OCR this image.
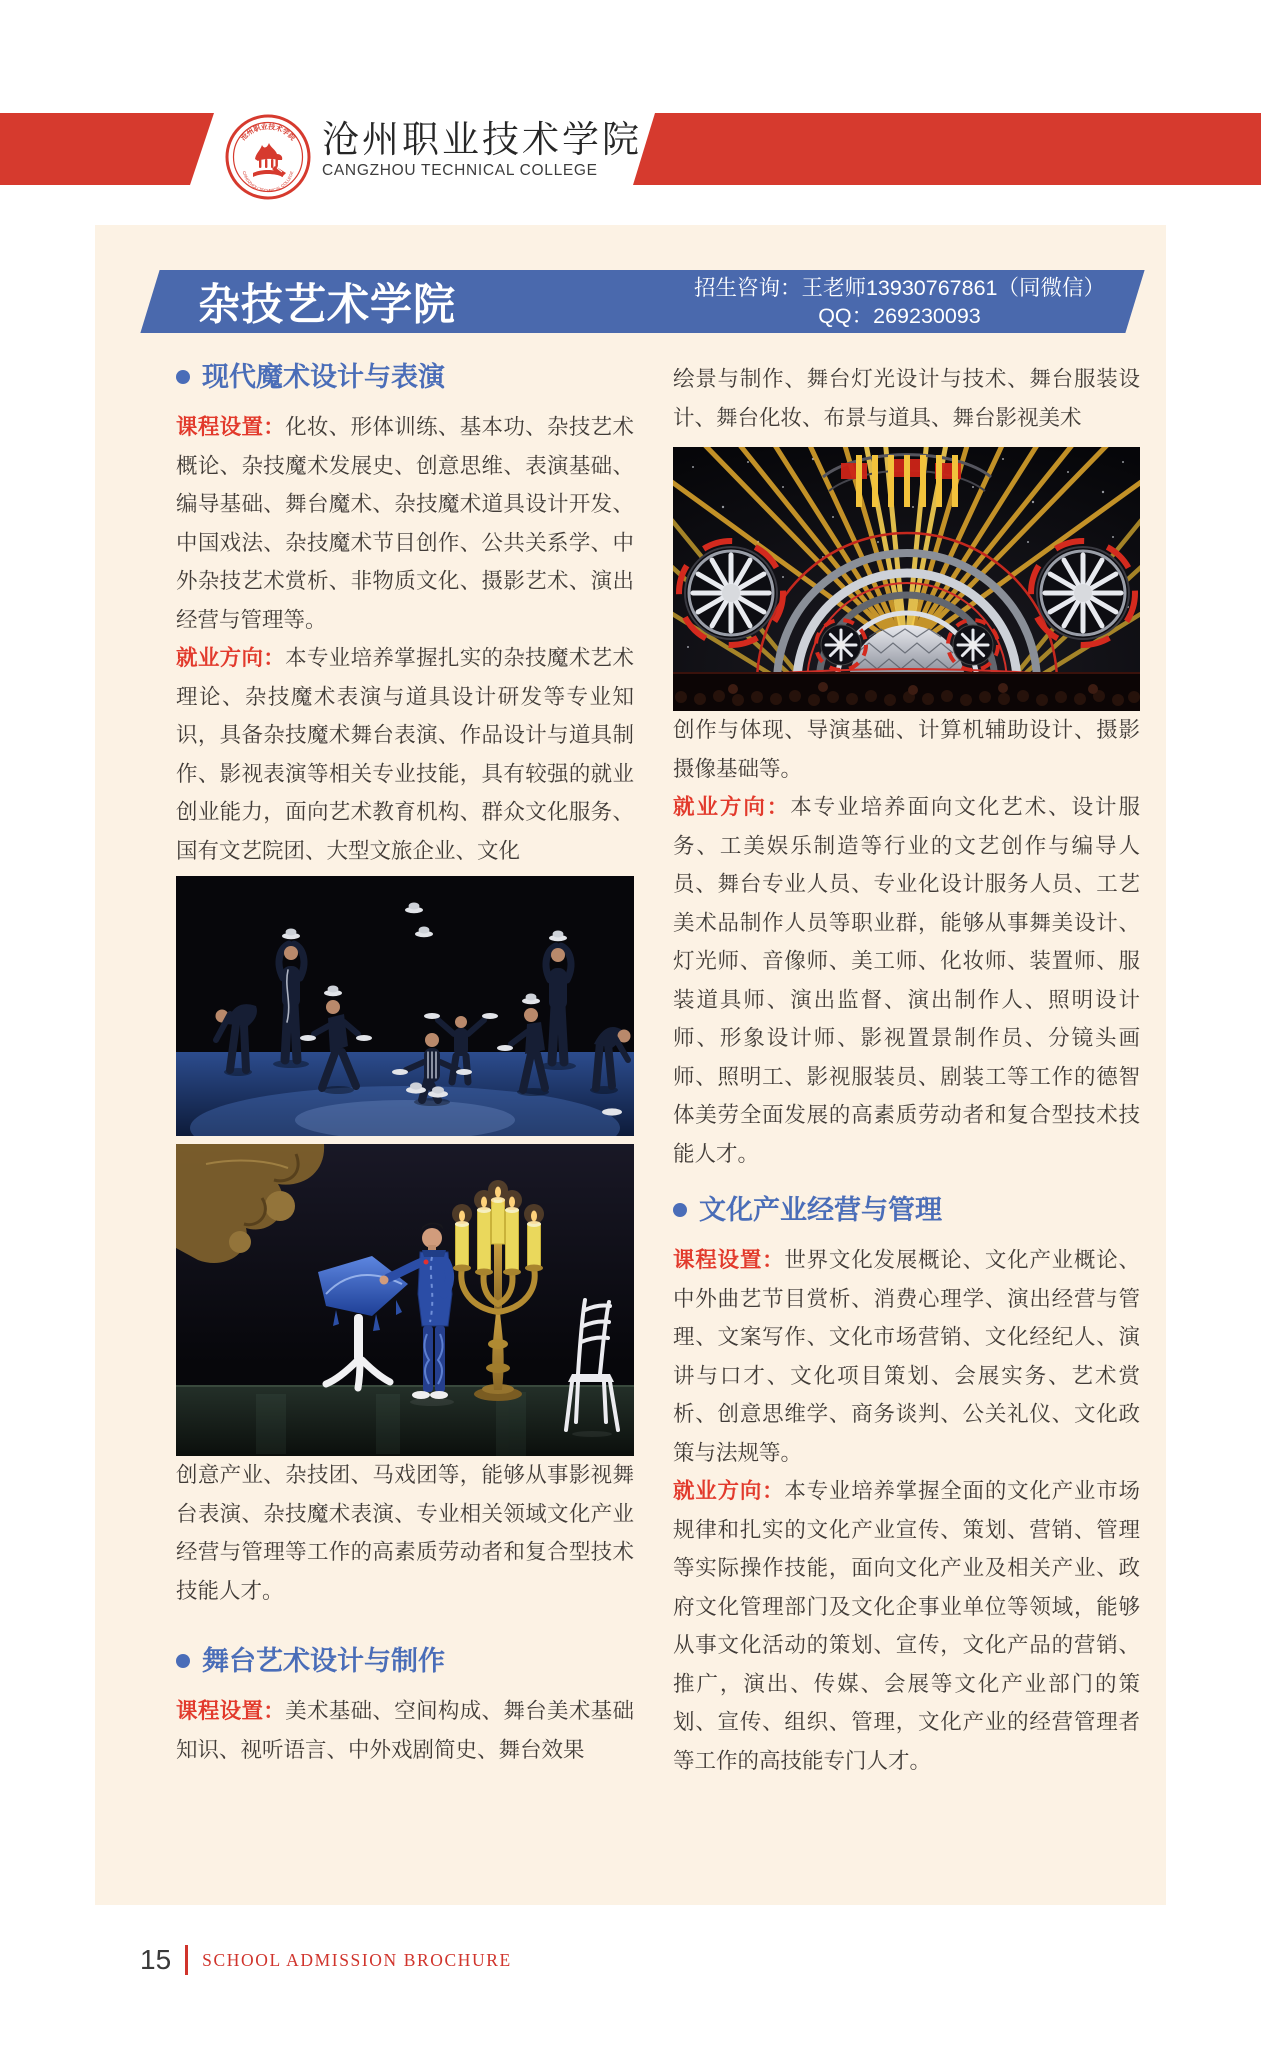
沧州职业技术学院
CANGZHOU TECHNICAL COLLEGE
沧州职业技术学院
CANGZHOU TECHNICAL COLLEGE
杂技艺术学院	招生咨询：王老师13930767861（同微信）
QQ：269230093
现代魔术设计与表演

课程设置：化妆、形体训练、基本功、杂技艺术概论、杂技魔术发展史、创意思维、表演基础、编导基础、舞台魔术、杂技魔术道具设计开发、中国戏法、杂技魔术节目创作、公共关系学、中外杂技艺术赏析、非物质文化、摄影艺术、演出经营与管理等。

就业方向：本专业培养掌握扎实的杂技魔术艺术理论、杂技魔术表演与道具设计研发等专业知识，具备杂技魔术舞台表演、作品设计与道具制作、影视表演等相关专业技能，具有较强的就业创业能力，面向艺术教育机构、群众文化服务、国有文艺院团、大型文旅企业、文化

创意产业、杂技团、马戏团等，能够从事影视舞台表演、杂技魔术表演、专业相关领域文化产业经营与管理等工作的高素质劳动者和复合型技术技能人才。

舞台艺术设计与制作

课程设置：美术基础、空间构成、舞台美术基础知识、视听语言、中外戏剧简史、舞台效果

绘景与制作、舞台灯光设计与技术、舞台服装设计、舞台化妆、布景与道具、舞台影视美术

创作与体现、导演基础、计算机辅助设计、摄影摄像基础等。

就业方向：本专业培养面向文化艺术、设计服务、工美娱乐制造等行业的文艺创作与编导人员、舞台专业人员、专业化设计服务人员、工艺美术品制作人员等职业群，能够从事舞美设计、灯光师、音像师、美工师、化妆师、装置师、服装道具师、演出监督、演出制作人、照明设计师、形象设计师、影视置景制作员、分镜头画师、照明工、影视服装员、剧装工等工作的德智体美劳全面发展的高素质劳动者和复合型技术技能人才。

文化产业经营与管理

课程设置：世界文化发展概论、文化产业概论、中外曲艺节目赏析、消费心理学、演出经营与管理、文案写作、文化市场营销、文化经纪人、演讲与口才、文化项目策划、会展实务、艺术赏析、创意思维学、商务谈判、公关礼仪、文化政策与法规等。

就业方向：本专业培养掌握全面的文化产业市场规律和扎实的文化产业宣传、策划、营销、管理等实际操作技能，面向文化产业及相关产业、政府文化管理部门及文化企事业单位等领域，能够从事文化活动的策划、宣传，文化产品的营销、推广，演出、传媒、会展等文化产业部门的策划、宣传、组织、管理，文化产业的经营管理者等工作的高技能专门人才。

15 SCHOOL ADMISSION BROCHURE
